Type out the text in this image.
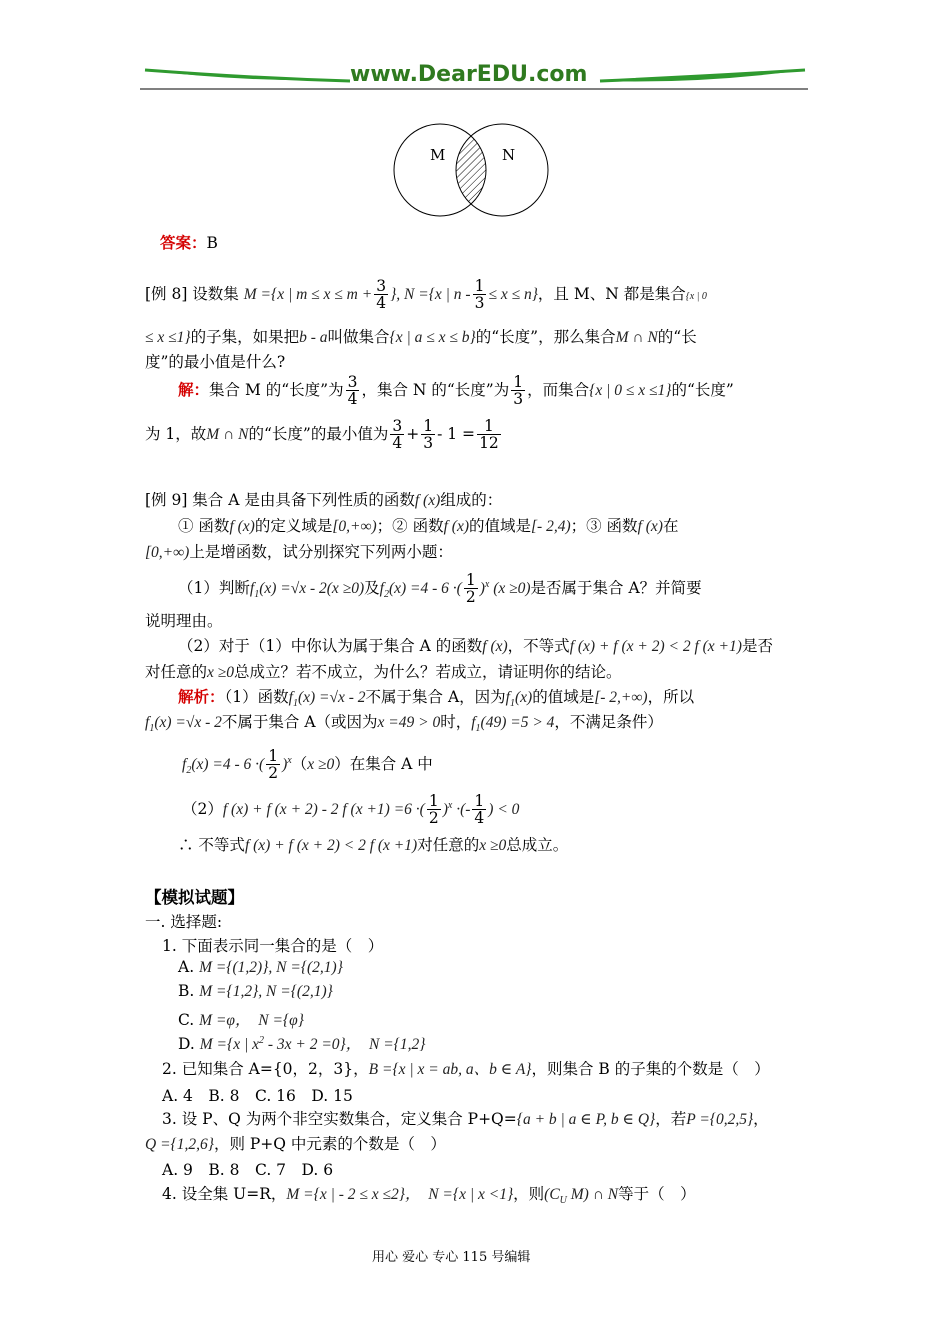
www.DearEDU.com
M	N
答案：B
[例 8] 设数集 M ={x | $m \le x \le m + \frac{3}{4}$ }, N ={x | $n - \frac{1}{3} \le x \le n$}，且 M、N 都是集合{x | 0
≤ x ≤1}的子集，如果把b - a叫做集合{x | a ≤ x ≤ b}的“长度”，那么集合M ∩ N的“长
度”的最小值是什么?
解：集合 M 的“长度”为 $\frac{3}{4}$ ，集合 N 的“长度”为 $\frac{1}{3}$ ，而集合{x | 0 ≤ x ≤1}的“长度”
为 1，故M ∩ N的“长度”的最小值为 $\frac{3}{4} + \frac{1}{3} - 1 = \frac{1}{12}$
[例 9] 集合 A 是由具备下列性质的函数f (x)组成的：
① 函数f (x)的定义域是[0,+∞)；② 函数f (x)的值域是[- 2,4)；③ 函数f (x)在
[0,+∞)上是增函数，试分别探究下列两小题：
（1）判断$f_1(x) =√x - 2(x \ge 0)$及$f_2(x) =4 - 6$ ·( $\frac{1}{2} )^x$ (x ≥0)是否属于集合 A？并简要
说明理由。
（2）对于（1）中你认为属于集合 A 的函数f (x)，不等式f (x) + f (x + 2) < 2 f (x +1)是否
对任意的x ≥0总成立？若不成立，为什么？若成立，请证明你的结论。
解析：（1）函数$f_1(x) =√x - 2$不属于集合 A，因为$f_1(x)$的值域是[- 2,+∞)，所以
$f_1(x) =√x - 2$不属于集合 A（或因为x =49 > 0时，$f_1(49) =5 > 4$，不满足条件）
$f_2(x) =4 - 6$ ·( $\frac{1}{2} )^x(x \ge 0)$在集合 A 中
（2）f (x) + f (x + 2) - 2 f (x +1) =6 ·( $\frac{1}{2} )^x$ ·(- $\frac{1}{4}$ ) < 0
∴ 不等式f (x) + f (x + 2) < 2 f (x +1)对任意的x ≥0总成立。
【模拟试题】
一. 选择题:
1. 下面表示同一集合的是（　）
A. M ={(1,2)}, N ={(2,1)}
B. M ={1,2}, N ={(2,1)}
C. M =φ，　N ={φ}
D. M ={x | $x^2 - 3x + 2 =0$}，　N ={1,2}
2. 已知集合 A={0，2，3}，B ={x | x = ab, a、b ∈ A}，则集合 B 的子集的个数是（　）
A. 4　B. 8　C. 16　D. 15
3. 设 P、Q 为两个非空实数集合，定义集合 P+Q={a + b | a ∈ P, b ∈ Q}，若P ={0,2,5}，
Q ={1,2,6}，则 P+Q 中元素的个数是（　）
A. 9　B. 8　C. 7　D. 6
4. 设全集 U=R，M ={x | - 2 ≤ x ≤2}，　N ={x | x <1}，则($C_U$ M) ∩ N等于（　）
用心 爱心 专心 115 号编辑
